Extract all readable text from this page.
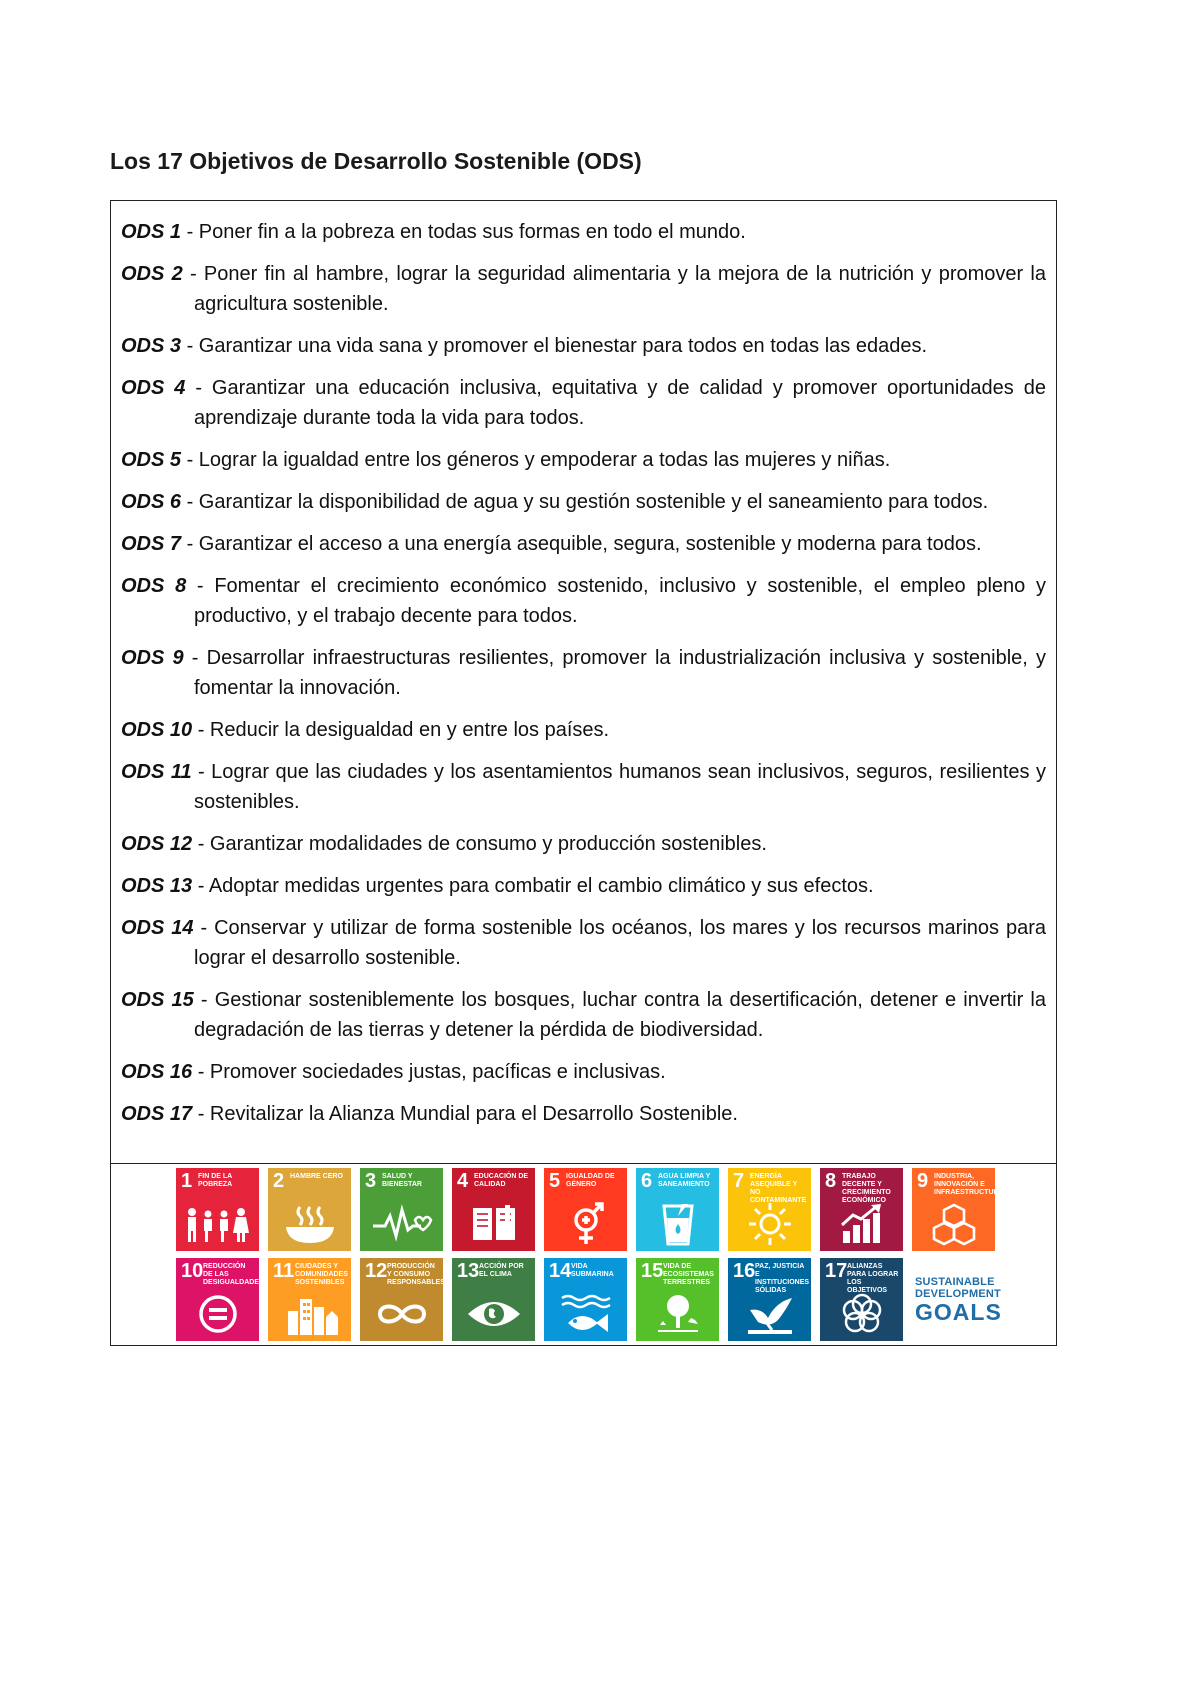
Los 17 Objetivos de Desarrollo Sostenible (ODS)
ODS 1 - Poner fin a la pobreza en todas sus formas en todo el mundo.
ODS 2 - Poner fin al hambre, lograr la seguridad alimentaria y la mejora de la nutrición y promover la agricultura sostenible.
ODS 3 - Garantizar una vida sana y promover el bienestar para todos en todas las edades.
ODS 4 - Garantizar una educación inclusiva, equitativa y de calidad y promover oportunidades de aprendizaje durante toda la vida para todos.
ODS 5 - Lograr la igualdad entre los géneros y empoderar a todas las mujeres y niñas.
ODS 6 - Garantizar la disponibilidad de agua y su gestión sostenible y el saneamiento para todos.
ODS 7 - Garantizar el acceso a una energía asequible, segura, sostenible y moderna para todos.
ODS 8 - Fomentar el crecimiento económico sostenido, inclusivo y sostenible, el empleo pleno y productivo, y el trabajo decente para todos.
ODS 9 - Desarrollar infraestructuras resilientes, promover la industrialización inclusiva y sostenible, y fomentar la innovación.
ODS 10 - Reducir la desigualdad en y entre los países.
ODS 11 - Lograr que las ciudades y los asentamientos humanos sean inclusivos, seguros, resilientes y sostenibles.
ODS 12 - Garantizar modalidades de consumo y producción sostenibles.
ODS 13 - Adoptar medidas urgentes para combatir el cambio climático y sus efectos.
ODS 14 - Conservar y utilizar de forma sostenible los océanos, los mares y los recursos marinos para lograr el desarrollo sostenible.
ODS 15 - Gestionar sosteniblemente los bosques, luchar contra la desertificación, detener e invertir la degradación de las tierras y detener la pérdida de biodiversidad.
ODS 16 - Promover sociedades justas, pacíficas e inclusivas.
ODS 17 - Revitalizar la Alianza Mundial para el Desarrollo Sostenible.
1 FIN DE LA POBREZA	2 HAMBRE CERO 3 SALUD Y BIENESTAR	4 EDUCACIÓN DE CALIDAD	5 IGUALDAD DE GÉNERO	6 AGUA LIMPIA Y SANEAMIENTO	7 ENERGÍA ASEQUIBLE Y NO CONTAMINANTE
8 TRABAJO DECENTE Y CRECIMIENTO ECONÓMICO
9 INDUSTRIA, INNOVACIÓN E INFRAESTRUCTURA
10 REDUCCIÓN DE LAS DESIGUALDADES
11 CIUDADES Y COMUNIDADES SOSTENIBLES
12 PRODUCCIÓN Y CONSUMO RESPONSABLES
13 ACCIÓN POR EL CLIMA	14 VIDA SUBMARINA	15 VIDA DE ECOSISTEMAS TERRESTRES
16 PAZ, JUSTICIA E INSTITUCIONES SÓLIDAS
17 ALIANZAS PARA LOGRAR LOS OBJETIVOS
SUSTAINABLE
DEVELOPMENT
GOALS
